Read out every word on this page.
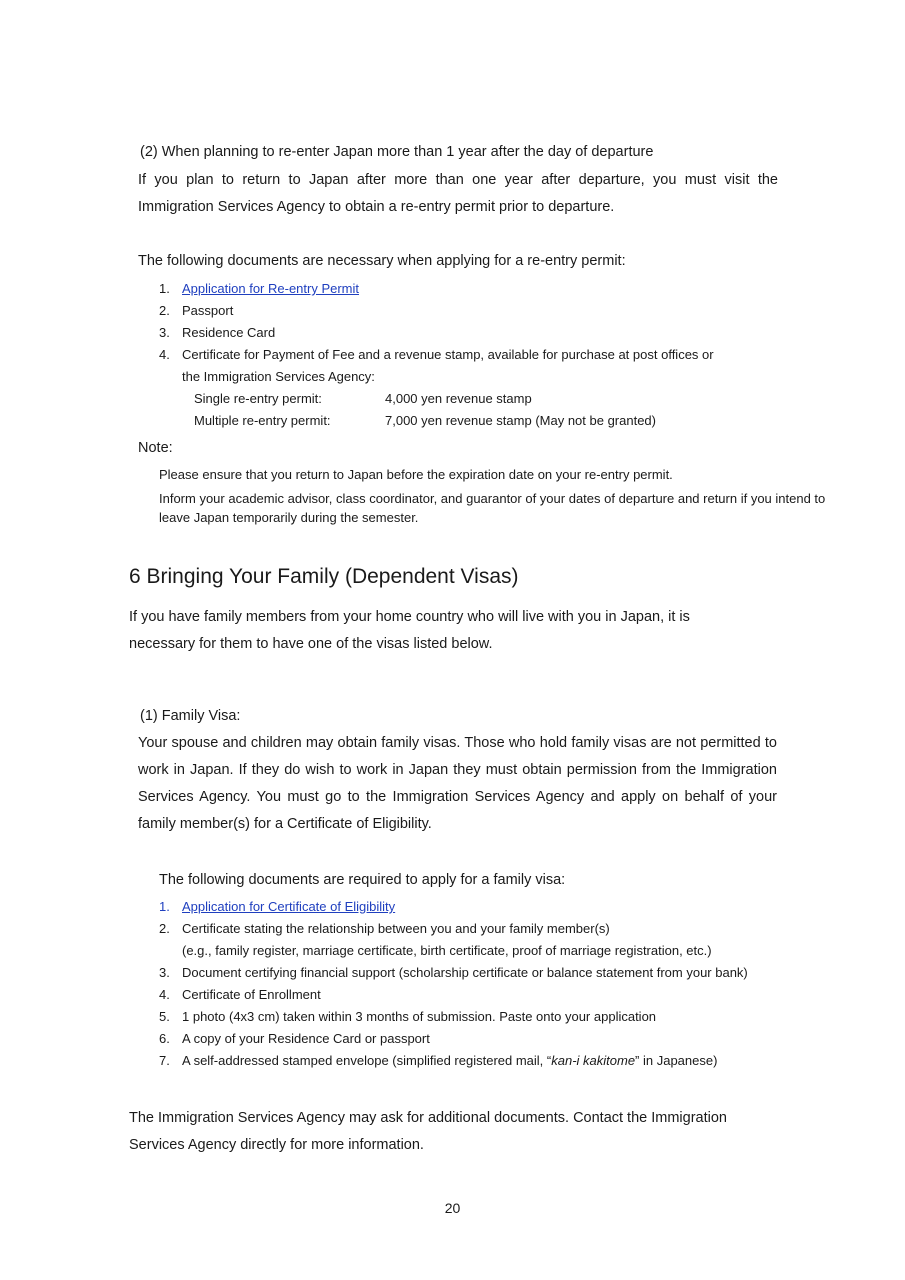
(2) When planning to re-enter Japan more than 1 year after the day of departure

If you plan to return to Japan after more than one year after departure, you must visit the Immigration Services Agency to obtain a re-entry permit prior to departure.

The following documents are necessary when applying for a re-entry permit:

1. Application for Re-entry Permit
2. Passport
3. Residence Card
4. Certificate for Payment of Fee and a revenue stamp, available for purchase at post offices or
the Immigration Services Agency:
Single re-entry permit:	4,000 yen revenue stamp
Multiple re-entry permit:	7,000 yen revenue stamp (May not be granted)

Note:

Please ensure that you return to Japan before the expiration date on your re-entry permit.

Inform your academic advisor, class coordinator, and guarantor of your dates of departure and return if you intend to leave Japan temporarily during the semester.

6 Bringing Your Family (Dependent Visas)

If you have family members from your home country who will live with you in Japan, it is necessary for them to have one of the visas listed below.

(1) Family Visa:

Your spouse and children may obtain family visas. Those who hold family visas are not permitted to work in Japan. If they do wish to work in Japan they must obtain permission from the Immigration Services Agency. You must go to the Immigration Services Agency and apply on behalf of your family member(s) for a Certificate of Eligibility.

The following documents are required to apply for a family visa:

1. Application for Certificate of Eligibility
2. Certificate stating the relationship between you and your family member(s)
(e.g., family register, marriage certificate, birth certificate, proof of marriage registration, etc.)
3. Document certifying financial support (scholarship certificate or balance statement from your bank)
4. Certificate of Enrollment
5. 1 photo (4x3 cm) taken within 3 months of submission. Paste onto your application
6. A copy of your Residence Card or passport
7. A self-addressed stamped envelope (simplified registered mail, “kan-i kakitome” in Japanese)

The Immigration Services Agency may ask for additional documents. Contact the Immigration Services Agency directly for more information.

20
